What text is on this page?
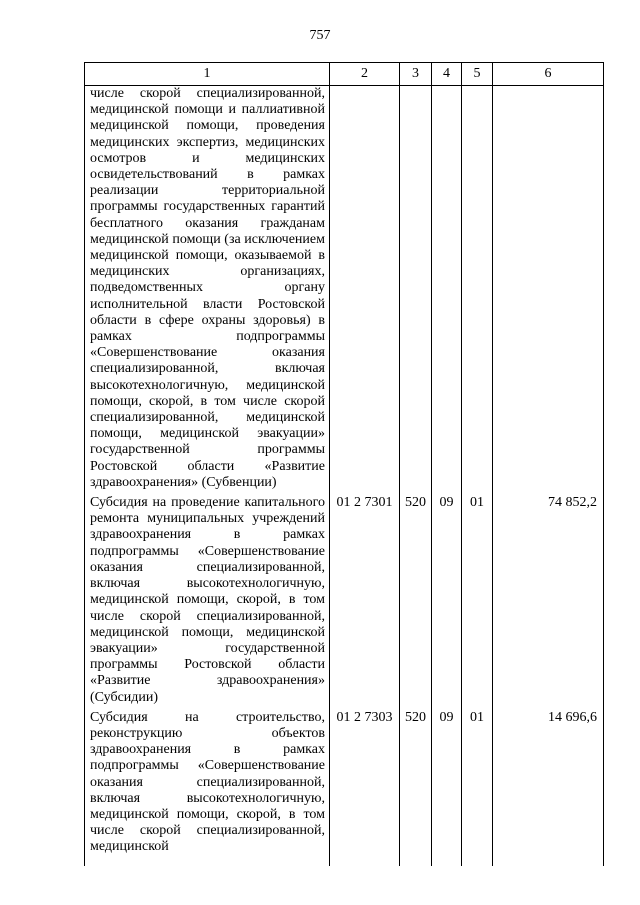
757
1	2	3	4	5	6
числе скорой специализированной, медицинской помощи и паллиативной медицинской помощи, проведения медицинских экспертиз, медицинских осмотров и медицинских освидетельствований в рамках реализации территориальной программы государственных гарантий бесплатного оказания гражданам медицинской помощи (за исключением медицинской помощи, оказываемой в медицинских организациях, подведомственных органу исполнительной власти Ростовской области в сфере охраны здоровья) в рамках подпрограммы «Совершенствование оказания специализированной, включая высокотехнологичную, медицинской помощи, скорой, в том числе скорой специализированной, медицинской помощи, медицинской эвакуации» государственной программы Ростовской области «Развитие здравоохранения» (Субвенции)					
Субсидия на проведение капитального ремонта муниципальных учреждений здравоохранения в рамках подпрограммы «Совершенствование оказания специализированной, включая высокотехнологичную, медицинской помощи, скорой, в том числе скорой специализированной, медицинской помощи, медицинской эвакуации» государственной программы Ростовской области «Развитие здравоохранения» (Субсидии)	01 2 7301	520	09	01	74 852,2
Субсидия на строительство, реконструкцию объектов здравоохранения в рамках подпрограммы «Совершенствование оказания специализированной, включая высокотехнологичную, медицинской помощи, скорой, в том числе скорой специализированной, медицинской	01 2 7303	520	09	01	14 696,6
